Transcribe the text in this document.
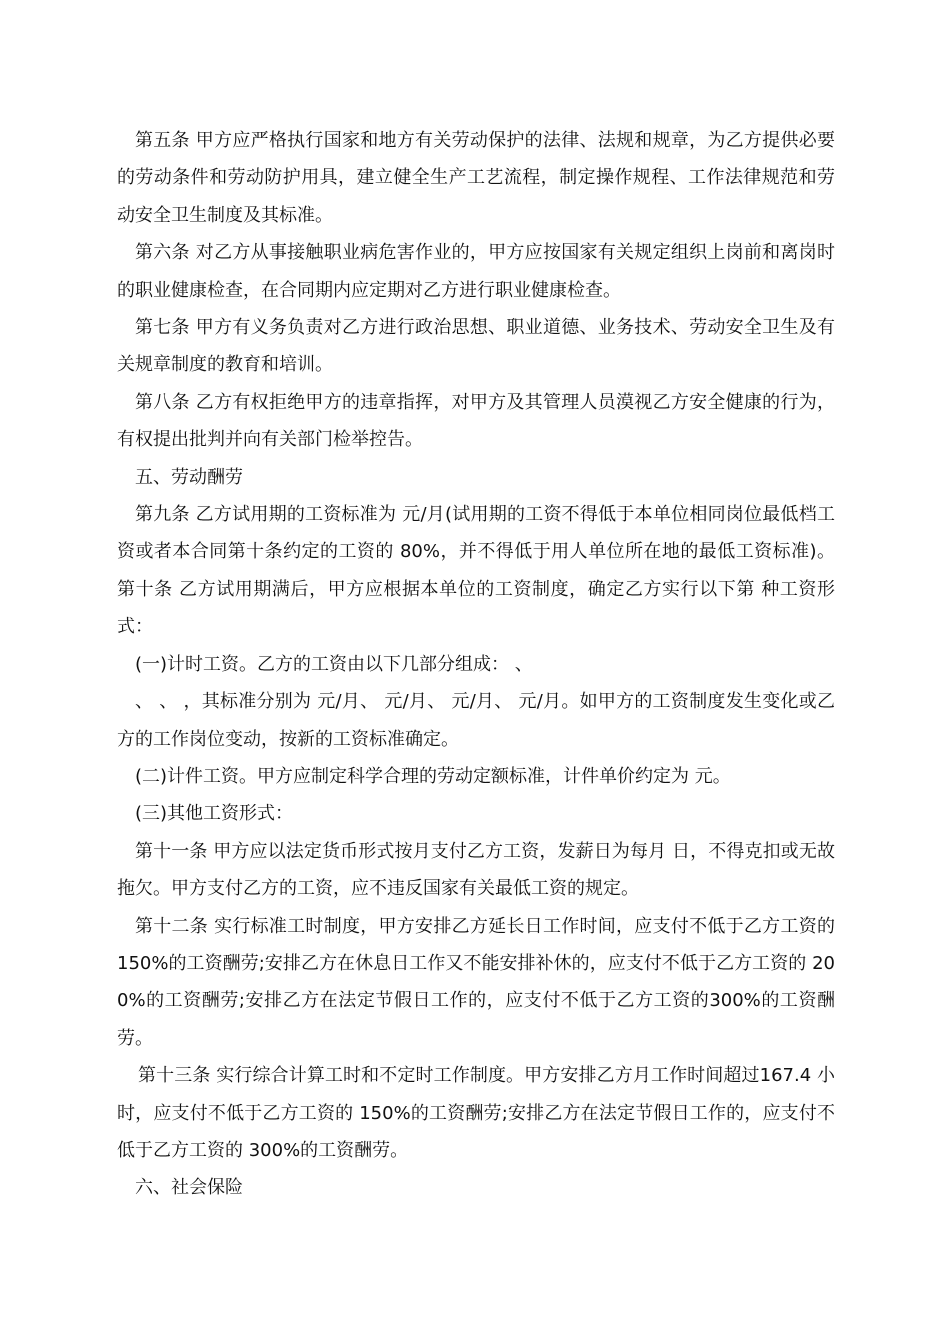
第五条 甲方应严格执行国家和地方有关劳动保护的法律、法规和规章，为乙方提供必要的劳动条件和劳动防护用具，建立健全生产工艺流程，制定操作规程、工作法律规范和劳动安全卫生制度及其标准。

第六条 对乙方从事接触职业病危害作业的，甲方应按国家有关规定组织上岗前和离岗时的职业健康检查，在合同期内应定期对乙方进行职业健康检查。

第七条 甲方有义务负责对乙方进行政治思想、职业道德、业务技术、劳动安全卫生及有关规章制度的教育和培训。

第八条 乙方有权拒绝甲方的违章指挥，对甲方及其管理人员漠视乙方安全健康的行为，有权提出批判并向有关部门检举控告。

五、劳动酬劳

第九条 乙方试用期的工资标准为 元/月(试用期的工资不得低于本单位相同岗位最低档工资或者本合同第十条约定的工资的 80%，并不得低于用人单位所在地的最低工资标准)。第十条 乙方试用期满后，甲方应根据本单位的工资制度，确定乙方实行以下第 种工资形式：

(一)计时工资。乙方的工资由以下几部分组成： 、

、 、 ，其标准分别为 元/月、 元/月、 元/月、 元/月。如甲方的工资制度发生变化或乙方的工作岗位变动，按新的工资标准确定。

(二)计件工资。甲方应制定科学合理的劳动定额标准，计件单价约定为 元。

(三)其他工资形式：

第十一条 甲方应以法定货币形式按月支付乙方工资，发薪日为每月 日，不得克扣或无故拖欠。甲方支付乙方的工资，应不违反国家有关最低工资的规定。

第十二条 实行标准工时制度，甲方安排乙方延长日工作时间，应支付不低于乙方工资的 150%的工资酬劳;安排乙方在休息日工作又不能安排补休的，应支付不低于乙方工资的 200%的工资酬劳;安排乙方在法定节假日工作的，应支付不低于乙方工资的300%的工资酬劳。

第十三条 实行综合计算工时和不定时工作制度。甲方安排乙方月工作时间超过167.4 小时，应支付不低于乙方工资的 150%的工资酬劳;安排乙方在法定节假日工作的，应支付不低于乙方工资的 300%的工资酬劳。

六、社会保险
